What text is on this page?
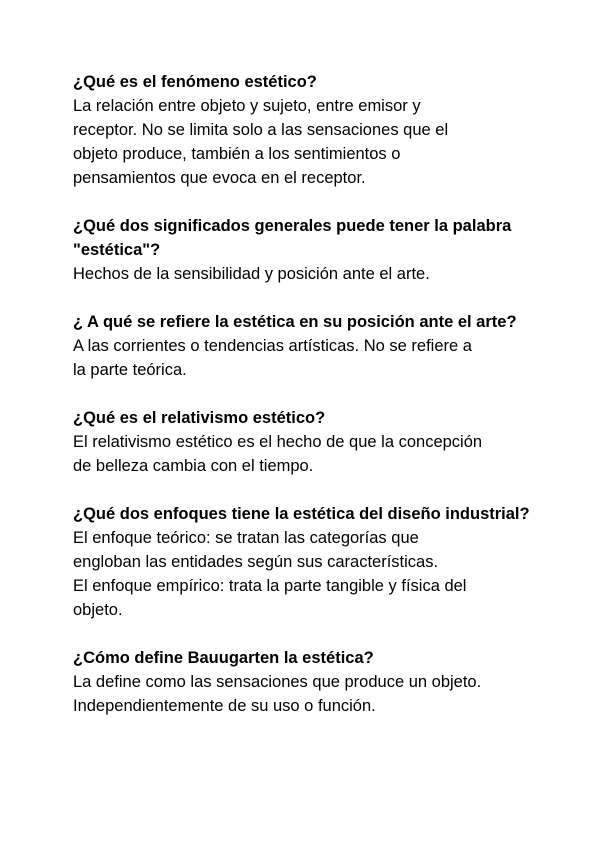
¿Qué es el fenómeno estético?

La relación entre objeto y sujeto, entre emisor y
receptor. No se limita solo a las sensaciones que el
objeto produce, también a los sentimientos o
pensamientos que evoca en el receptor.

¿Qué dos significados generales puede tener la palabra "estética"?

Hechos de la sensibilidad y posición ante el arte.

¿ A qué se refiere la estética en su posición ante el arte?

A las corrientes o tendencias artísticas. No se refiere a
la parte teórica.

¿Qué es el relativismo estético?

El relativismo estético es el hecho de que la concepción
de belleza cambia con el tiempo.

¿Qué dos enfoques tiene la estética del diseño industrial?

El enfoque teórico: se tratan las categorías que
engloban las entidades según sus características.
El enfoque empírico: trata la parte tangible y física del
objeto.

¿Cómo define Bauugarten la estética?

La define como las sensaciones que produce un objeto.
Independientemente de su uso o función.
